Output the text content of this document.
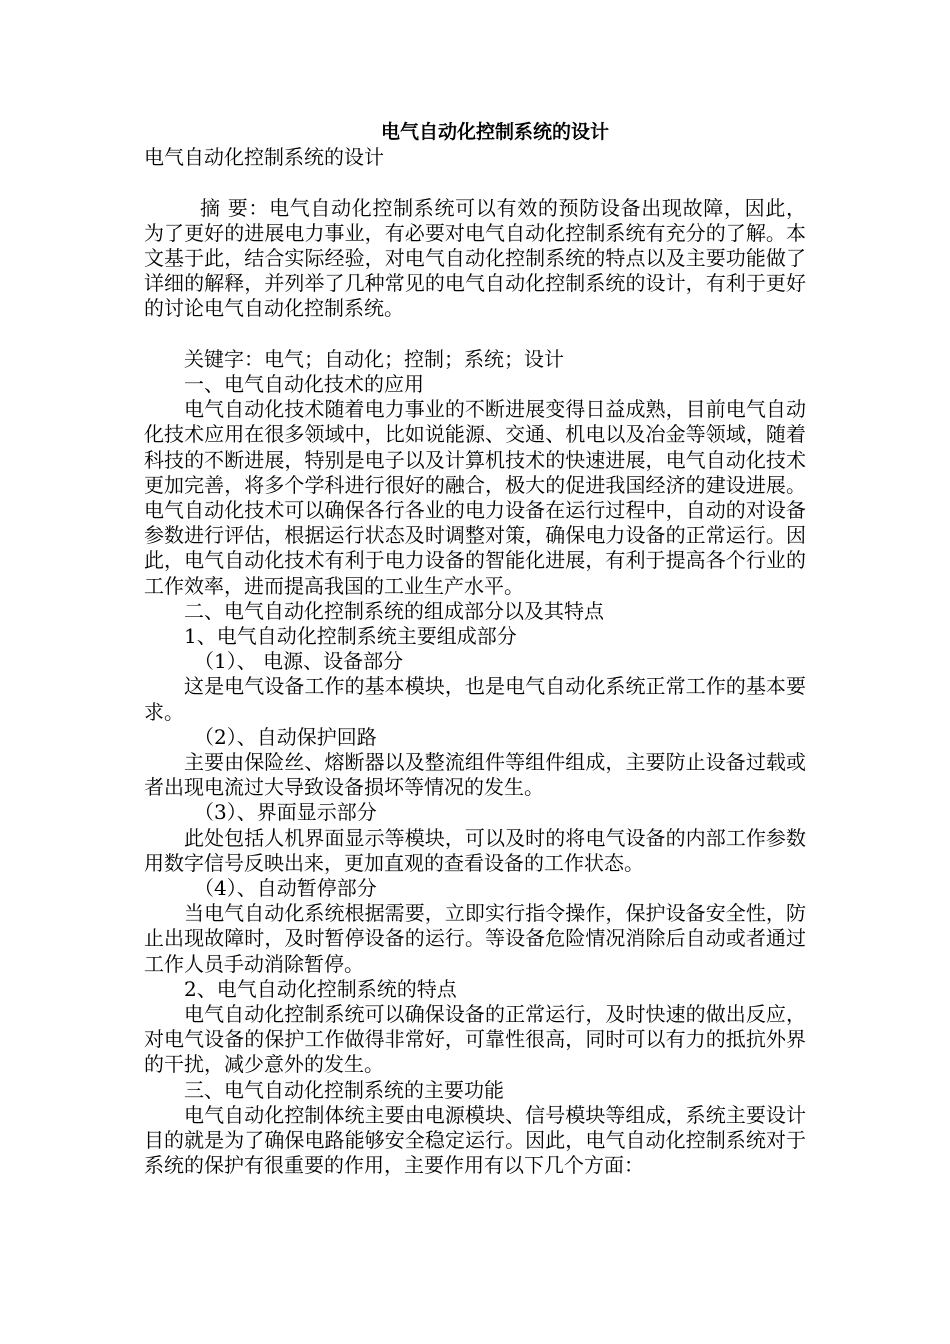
电气自动化控制系统的设计
电气自动化控制系统的设计

摘 要：电气自动化控制系统可以有效的预防设备出现故障，因此，为了更好的进展电力事业，有必要对电气自动化控制系统有充分的了解。本文基于此，结合实际经验，对电气自动化控制系统的特点以及主要功能做了详细的解释，并列举了几种常见的电气自动化控制系统的设计，有利于更好的讨论电气自动化控制系统。

关键字：电气；自动化；控制；系统；设计
一、电气自动化技术的应用

电气自动化技术随着电力事业的不断进展变得日益成熟，目前电气自动化技术应用在很多领域中，比如说能源、交通、机电以及冶金等领域，随着科技的不断进展，特别是电子以及计算机技术的快速进展，电气自动化技术更加完善，将多个学科进行很好的融合，极大的促进我国经济的建设进展。电气自动化技术可以确保各行各业的电力设备在运行过程中，自动的对设备参数进行评估，根据运行状态及时调整对策，确保电力设备的正常运行。因此，电气自动化技术有利于电力设备的智能化进展，有利于提高各个行业的工作效率，进而提高我国的工业生产水平。

二、电气自动化控制系统的组成部分以及其特点
1、电气自动化控制系统主要组成部分
（1）、 电源、设备部分

这是电气设备工作的基本模块，也是电气自动化系统正常工作的基本要求。

（2）、自动保护回路

主要由保险丝、熔断器以及整流组件等组件组成，主要防止设备过载或者出现电流过大导致设备损坏等情况的发生。

（3）、界面显示部分

此处包括人机界面显示等模块，可以及时的将电气设备的内部工作参数用数字信号反映出来，更加直观的查看设备的工作状态。

（4）、自动暂停部分

当电气自动化系统根据需要，立即实行指令操作，保护设备安全性，防止出现故障时，及时暂停设备的运行。等设备危险情况消除后自动或者通过工作人员手动消除暂停。

2、电气自动化控制系统的特点

电气自动化控制系统可以确保设备的正常运行，及时快速的做出反应，对电气设备的保护工作做得非常好，可靠性很高，同时可以有力的抵抗外界的干扰，减少意外的发生。

三、电气自动化控制系统的主要功能

电气自动化控制体统主要由电源模块、信号模块等组成，系统主要设计目的就是为了确保电路能够安全稳定运行。因此，电气自动化控制系统对于系统的保护有很重要的作用，主要作用有以下几个方面：
